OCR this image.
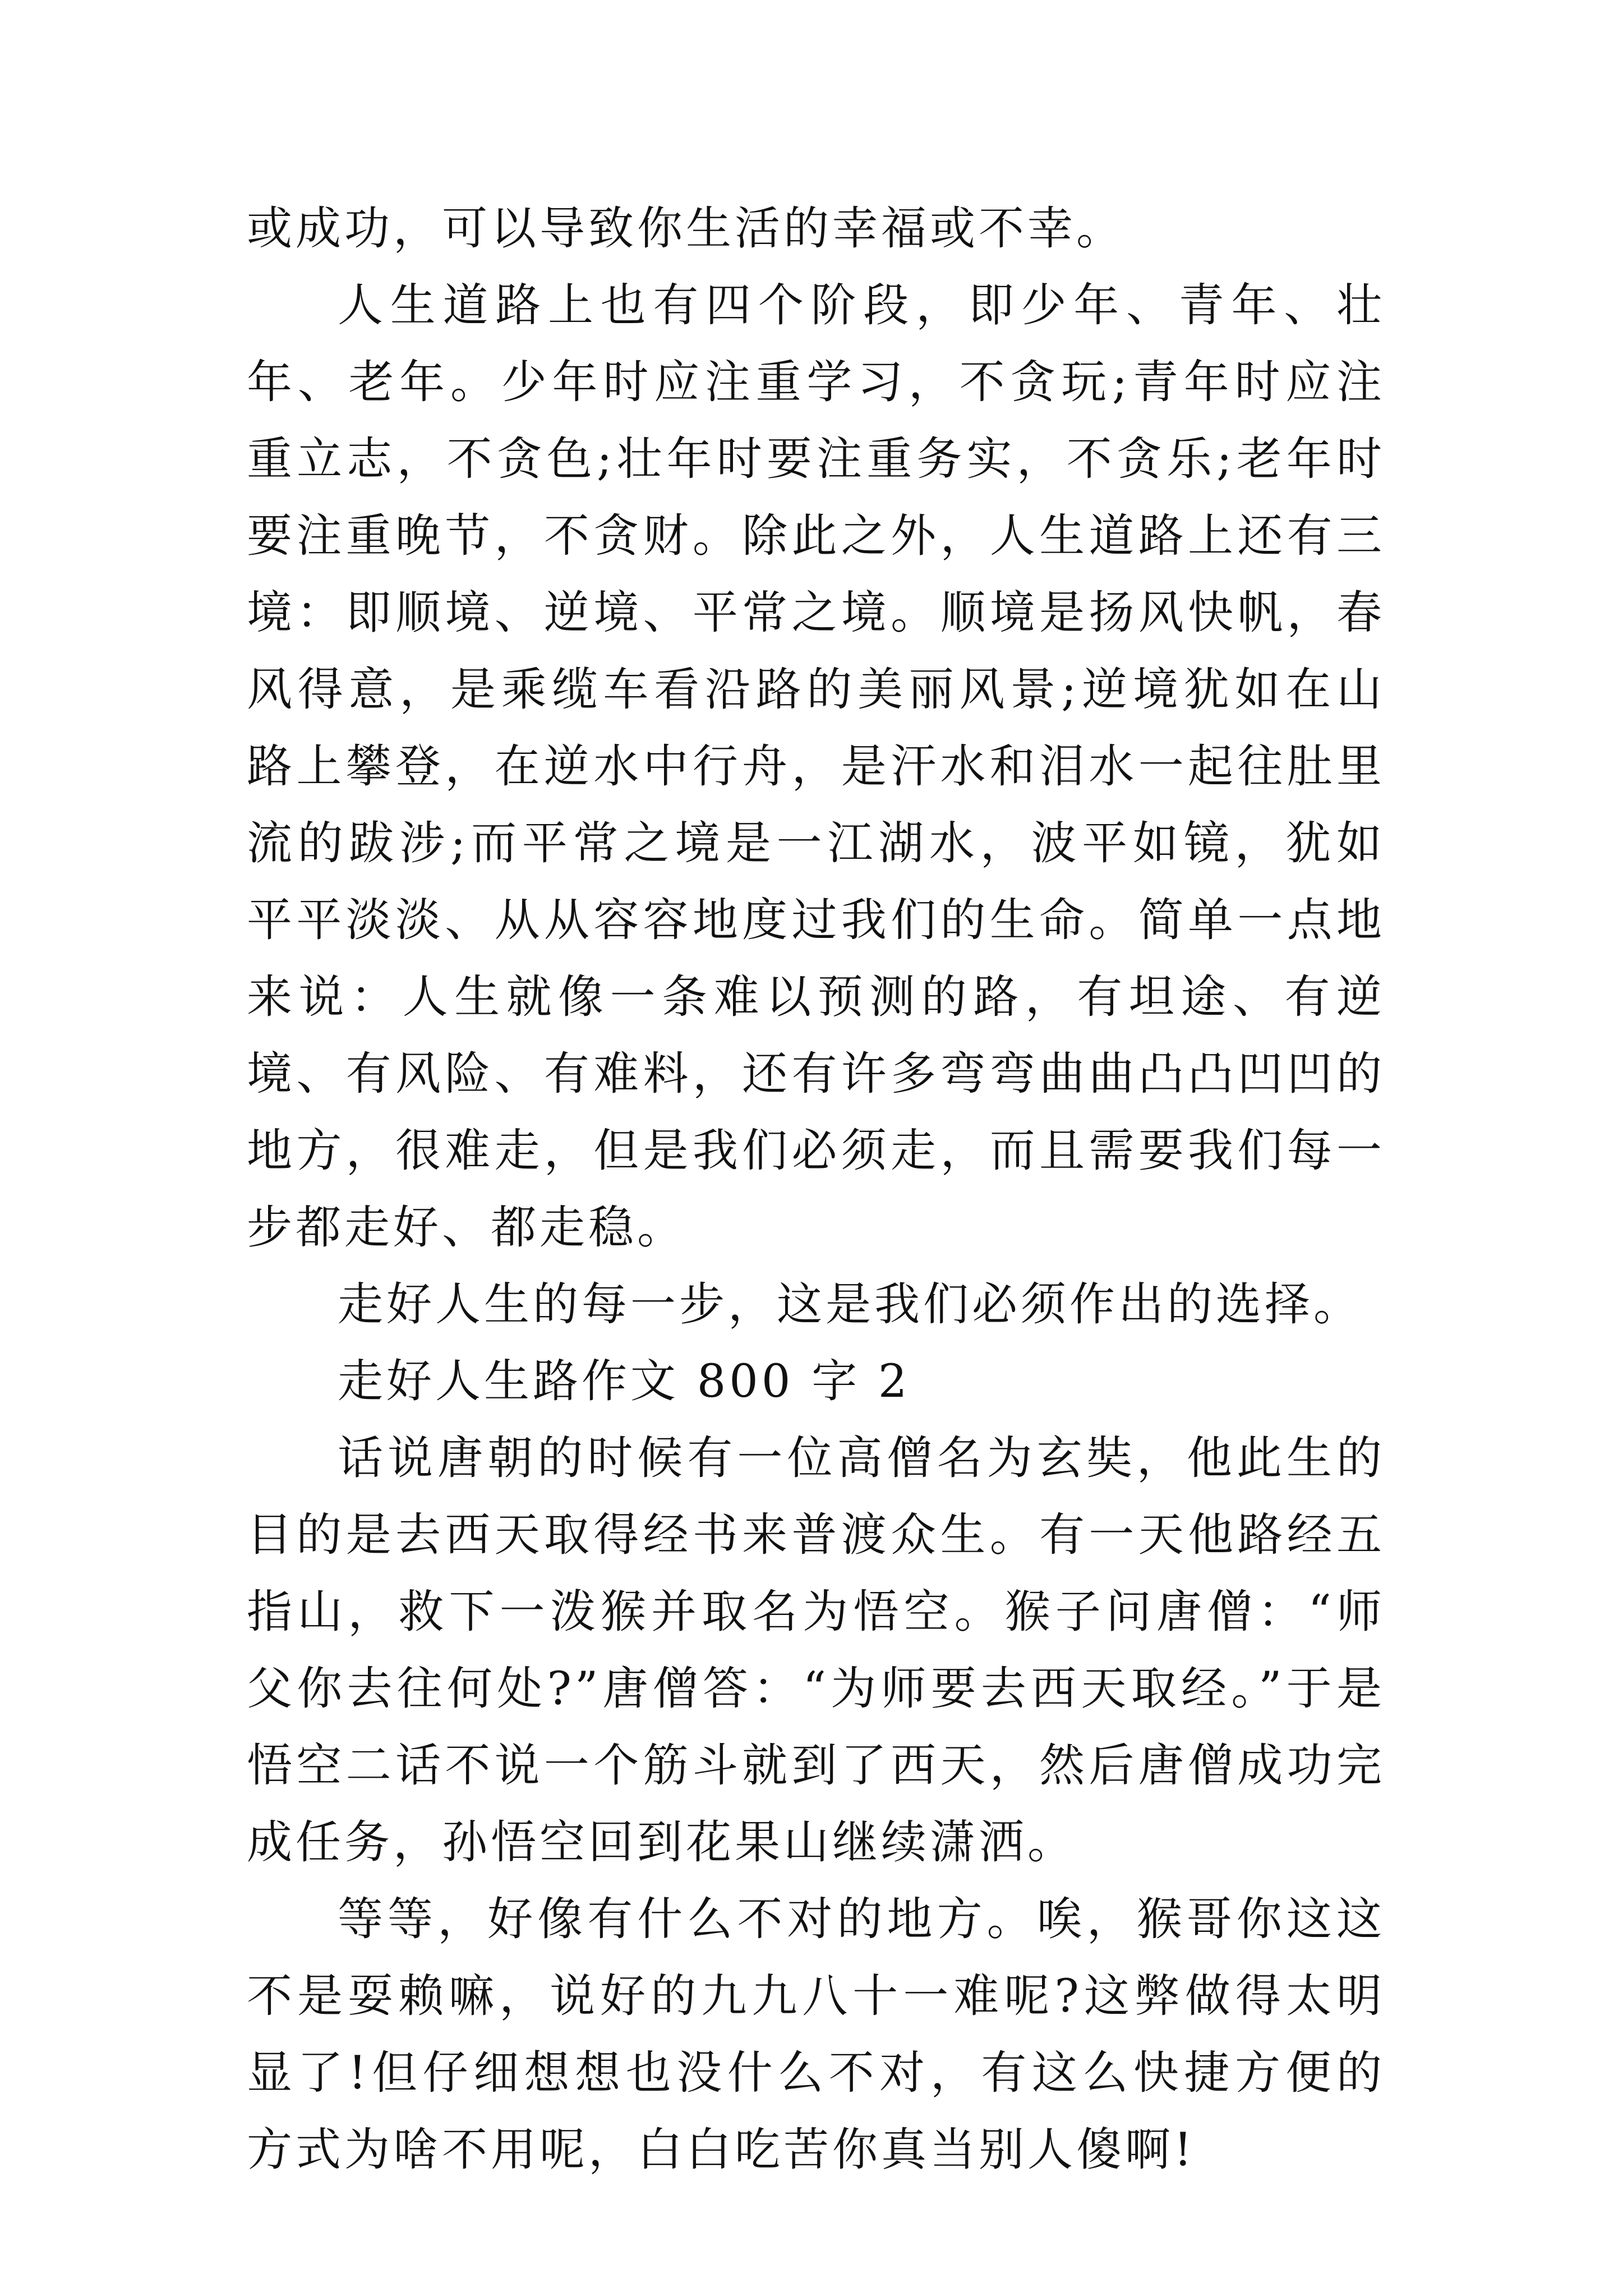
或成功，可以导致你生活的幸福或不幸。

人生道路上也有四个阶段，即少年、青年、壮年、老年。少年时应注重学习，不贪玩;青年时应注重立志，不贪色;壮年时要注重务实，不贪乐;老年时要注重晚节，不贪财。除此之外，人生道路上还有三境：即顺境、逆境、平常之境。顺境是扬风快帆，春风得意，是乘缆车看沿路的美丽风景;逆境犹如在山路上攀登，在逆水中行舟，是汗水和泪水一起往肚里流的跋涉;而平常之境是一江湖水，波平如镜，犹如平平淡淡、从从容容地度过我们的生命。简单一点地来说：人生就像一条难以预测的路，有坦途、有逆境、有风险、有难料，还有许多弯弯曲曲凸凸凹凹的地方，很难走，但是我们必须走，而且需要我们每一步都走好、都走稳。

走好人生的每一步，这是我们必须作出的选择。

走好人生路作文 800 字 2

话说唐朝的时候有一位高僧名为玄奘，他此生的目的是去西天取得经书来普渡众生。有一天他路经五指山，救下一泼猴并取名为悟空。猴子问唐僧：“师父你去往何处?”唐僧答：“为师要去西天取经。”于是悟空二话不说一个筋斗就到了西天，然后唐僧成功完成任务，孙悟空回到花果山继续潇洒。

等等，好像有什么不对的地方。唉，猴哥你这这不是耍赖嘛，说好的九九八十一难呢?这弊做得太明显了!但仔细想想也没什么不对，有这么快捷方便的方式为啥不用呢，白白吃苦你真当别人傻啊!
